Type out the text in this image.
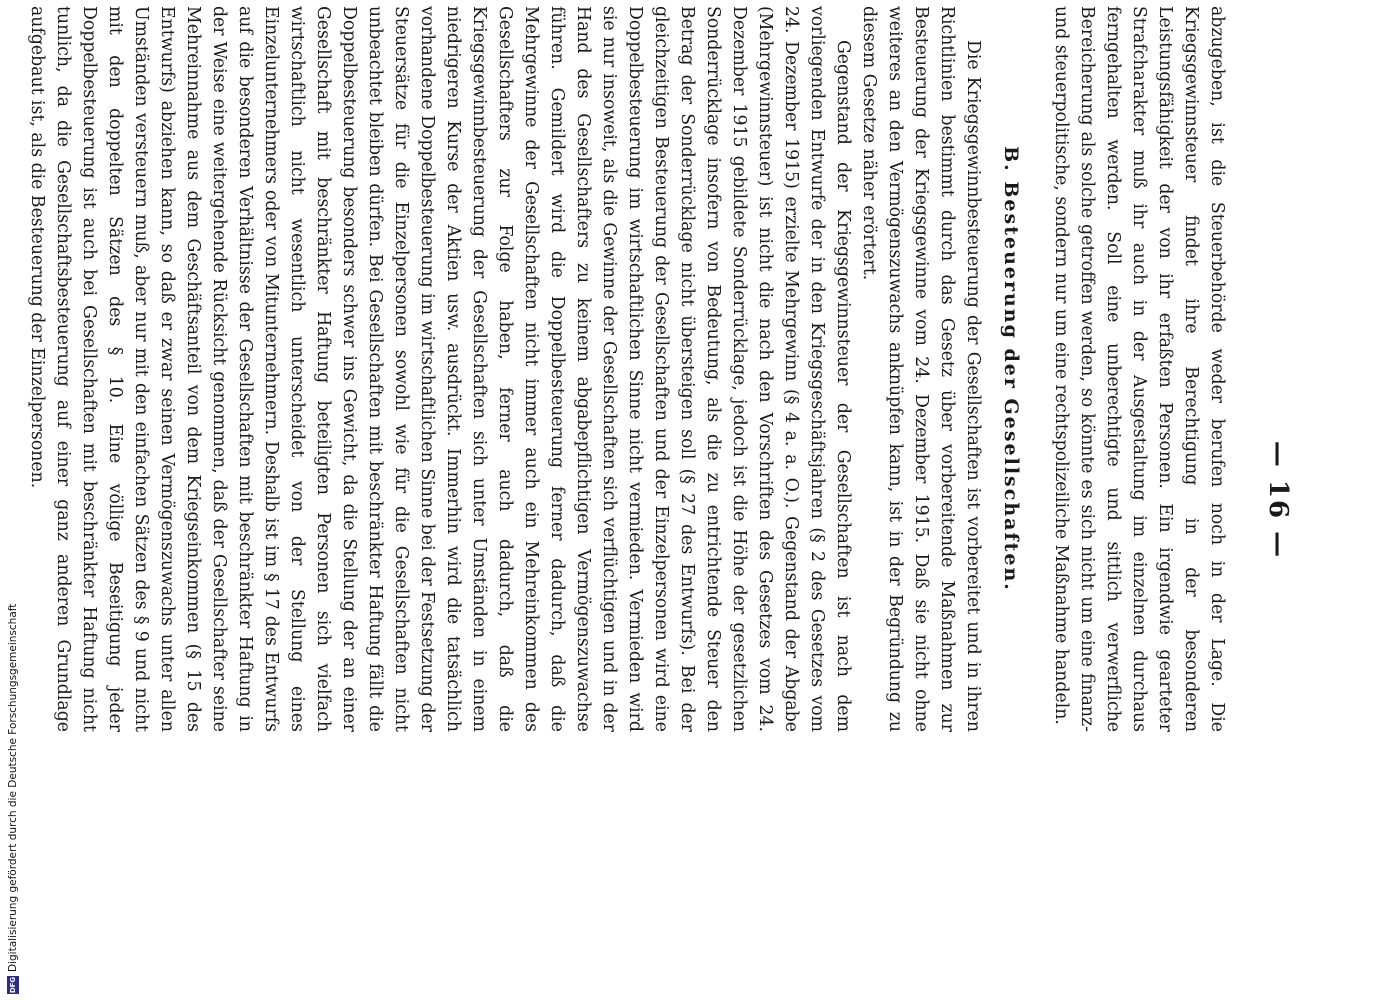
— 16 —

abzugeben, ist die Steuerbehörde weder berufen noch in der Lage. Die Kriegsgewinnsteuer findet ihre Berechtigung in der besonderen Leistungsfähigkeit der von ihr erfaßten Personen. Ein irgendwie gearteter Strafcharakter muß ihr auch in der Ausgestaltung im einzelnen durchaus ferngehalten werden. Soll eine unberechtigte und sittlich verwerfliche Bereicherung als solche getroffen werden, so könnte es sich nicht um eine finanz- und steuerpolitische, sondern nur um eine rechtspolizeiliche Maßnahme handeln.

B. Besteuerung der Gesellschaften.

Die Kriegsgewinnbesteuerung der Gesellschaften ist vorbereitet und in ihren Richtlinien bestimmt durch das Gesetz über vorbereitende Maßnahmen zur Besteuerung der Kriegsgewinne vom 24. Dezember 1915. Daß sie nicht ohne weiteres an den Vermögenszuwachs anknüpfen kann, ist in der Begründung zu diesem Gesetze näher erörtert.

Gegenstand der Kriegsgewinnsteuer der Gesellschaften ist nach dem vorliegenden Entwurfe der in den Kriegsgeschäftsjahren (§ 2 des Gesetzes vom 24. Dezember 1915) erzielte Mehrgewinn (§ 4 a. a. O.). Gegenstand der Abgabe (Mehrgewinnsteuer) ist nicht die nach den Vorschriften des Gesetzes vom 24. Dezember 1915 gebildete Sonderrücklage, jedoch ist die Höhe der gesetzlichen Sonderrücklage insofern von Bedeutung, als die zu entrichtende Steuer den Betrag der Sonderrücklage nicht übersteigen soll (§ 27 des Entwurfs). Bei der gleichzeitigen Besteuerung der Gesellschaften und der Einzelpersonen wird eine Doppelbesteuerung im wirtschaftlichen Sinne nicht vermieden. Vermieden wird sie nur insoweit, als die Gewinne der Gesellschaften sich verflüchtigen und in der Hand des Gesellschafters zu keinem abgabepflichtigen Vermögenszuwachse führen. Gemildert wird die Doppelbesteuerung ferner dadurch, daß die Mehrgewinne der Gesellschaften nicht immer auch ein Mehreinkommen des Gesellschafters zur Folge haben, ferner auch dadurch, daß die Kriegsgewinnbesteuerung der Gesellschaften sich unter Umständen in einem niedrigeren Kurse der Aktien usw. ausdrückt. Immerhin wird die tatsächlich vorhandene Doppelbesteuerung im wirtschaftlichen Sinne bei der Festsetzung der Steuersätze für die Einzelpersonen sowohl wie für die Gesellschaften nicht unbeachtet bleiben dürfen. Bei Gesellschaften mit beschränkter Haftung fällt die Doppelbesteuerung besonders schwer ins Gewicht, da die Stellung der an einer Gesellschaft mit beschränkter Haftung beteiligten Personen sich vielfach wirtschaftlich nicht wesentlich unterscheidet von der Stellung eines Einzelunternehmers oder von Mitunternehmern. Deshalb ist im § 17 des Entwurfs auf die besonderen Verhältnisse der Gesellschaften mit beschränkter Haftung in der Weise eine weitergehende Rücksicht genommen, daß der Gesellschafter seine Mehreinnahme aus dem Geschäftsanteil von dem Kriegseinkommen (§ 15 des Entwurfs) abziehen kann, so daß er zwar seinen Vermögenszuwachs unter allen Umständen versteuern muß, aber nur mit den einfachen Sätzen des § 9 und nicht mit den doppelten Sätzen des § 10. Eine völlige Beseitigung jeder Doppelbesteuerung ist auch bei Gesellschaften mit beschränkter Haftung nicht tunlich, da die Gesellschaftsbesteuerung auf einer ganz anderen Grundlage aufgebaut ist, als die Besteuerung der Einzelpersonen.

DFG
Digitalisierung gefördert durch die Deutsche Forschungsgemeinschaft
